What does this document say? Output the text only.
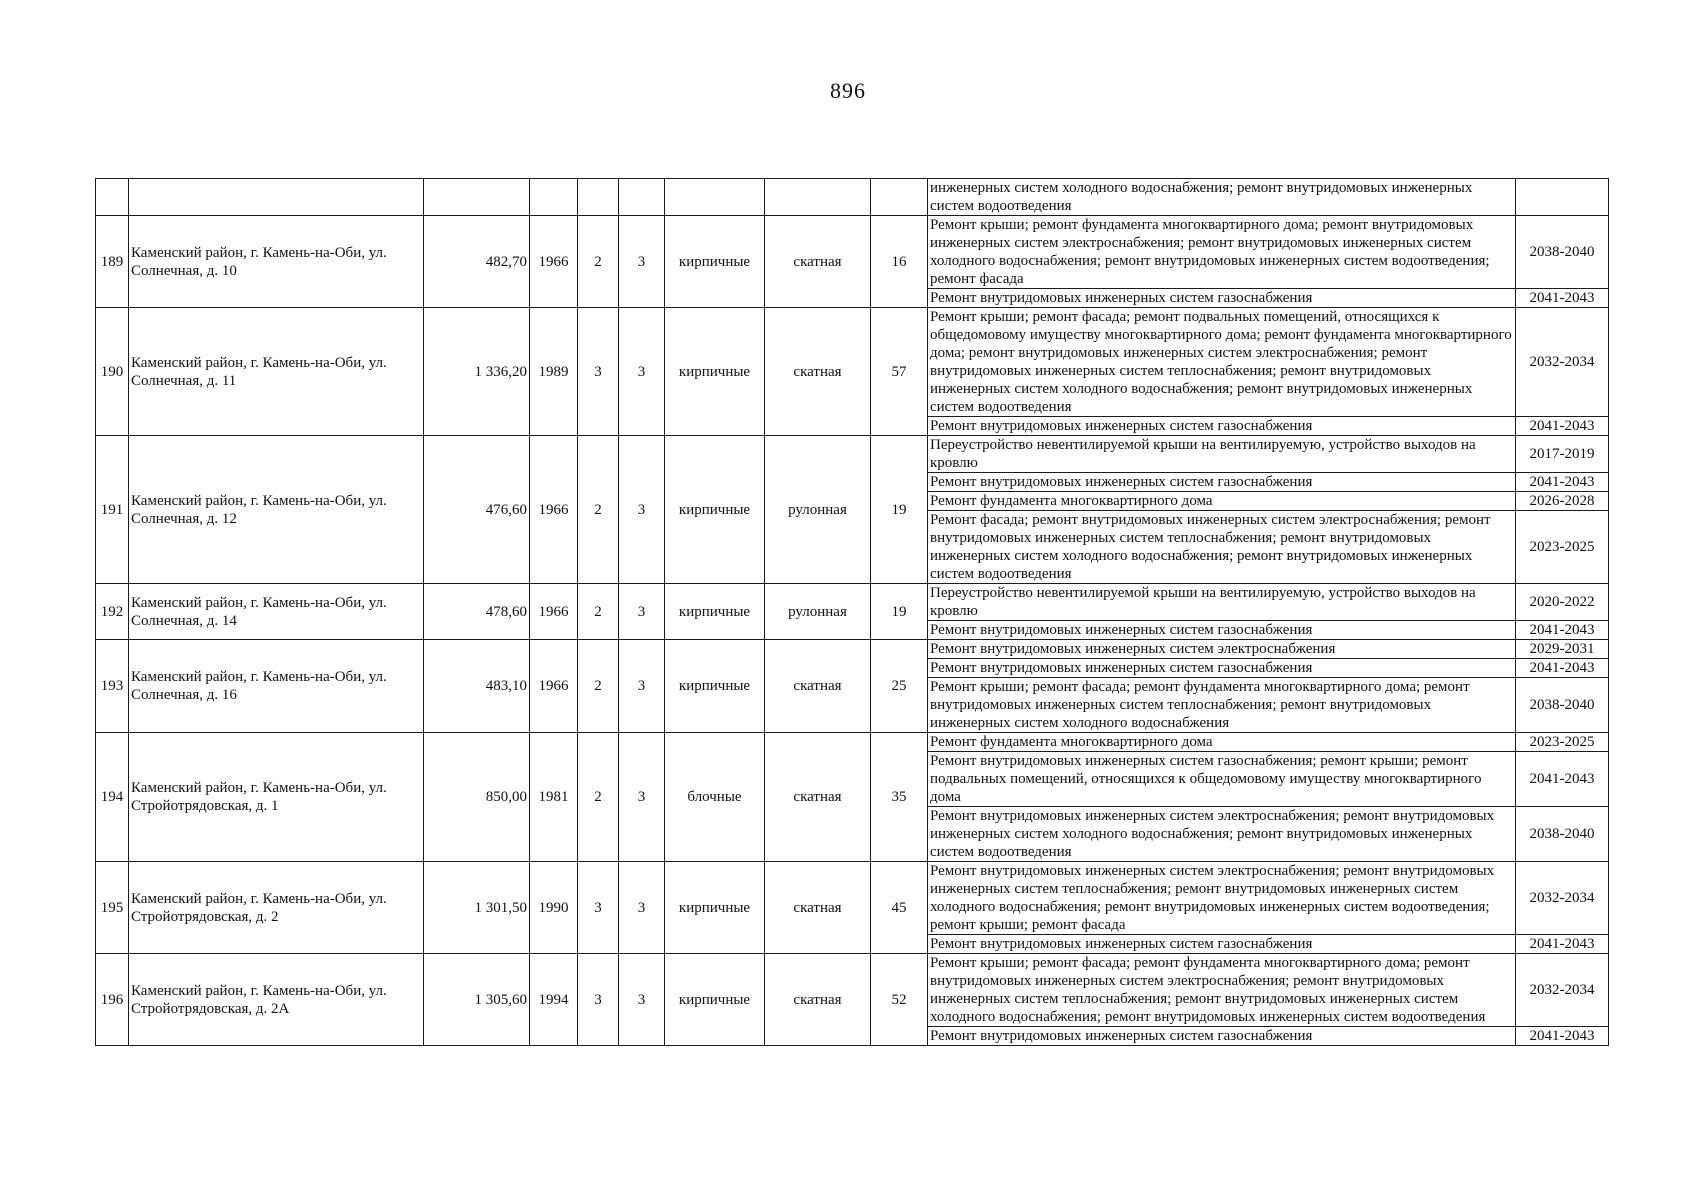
896
									инженерных систем холодного водоснабжения; ремонт внутридомовых инженерных систем водоотведения	
189	Каменский район, г. Камень-на-Оби, ул. Солнечная, д. 10	482,70	1966	2	3	кирпичные	скатная	16	Ремонт крыши; ремонт фундамента многоквартирного дома; ремонт внутридомовых инженерных систем электроснабжения; ремонт внутридомовых инженерных систем холодного водоснабжения; ремонт внутридомовых инженерных систем водоотведения; ремонт фасада	2038-2040
									Ремонт внутридомовых инженерных систем газоснабжения	2041-2043
190	Каменский район, г. Камень-на-Оби, ул. Солнечная, д. 11	1 336,20	1989	3	3	кирпичные	скатная	57	Ремонт крыши; ремонт фасада; ремонт подвальных помещений, относящихся к общедомовому имуществу многоквартирного дома; ремонт фундамента многоквартирного дома; ремонт внутридомовых инженерных систем электроснабжения; ремонт внутридомовых инженерных систем теплоснабжения; ремонт внутридомовых инженерных систем холодного водоснабжения; ремонт внутридомовых инженерных систем водоотведения	2032-2034
									Ремонт внутридомовых инженерных систем газоснабжения	2041-2043
191	Каменский район, г. Камень-на-Оби, ул. Солнечная, д. 12	476,60	1966	2	3	кирпичные	рулонная	19	Переустройство невентилируемой крыши на вентилируемую, устройство выходов на кровлю	2017-2019
									Ремонт внутридомовых инженерных систем газоснабжения	2041-2043
									Ремонт фундамента многоквартирного дома	2026-2028
									Ремонт фасада; ремонт внутридомовых инженерных систем электроснабжения; ремонт внутридомовых инженерных систем теплоснабжения; ремонт внутридомовых инженерных систем холодного водоснабжения; ремонт внутридомовых инженерных систем водоотведения	2023-2025
192	Каменский район, г. Камень-на-Оби, ул. Солнечная, д. 14	478,60	1966	2	3	кирпичные	рулонная	19	Переустройство невентилируемой крыши на вентилируемую, устройство выходов на кровлю	2020-2022
									Ремонт внутридомовых инженерных систем газоснабжения	2041-2043
193	Каменский район, г. Камень-на-Оби, ул. Солнечная, д. 16	483,10	1966	2	3	кирпичные	скатная	25	Ремонт внутридомовых инженерных систем электроснабжения	2029-2031
									Ремонт внутридомовых инженерных систем газоснабжения	2041-2043
									Ремонт крыши; ремонт фасада; ремонт фундамента многоквартирного дома; ремонт внутридомовых инженерных систем теплоснабжения; ремонт внутридомовых инженерных систем холодного водоснабжения	2038-2040
194	Каменский район, г. Камень-на-Оби, ул. Стройотрядовская, д. 1	850,00	1981	2	3	блочные	скатная	35	Ремонт фундамента многоквартирного дома	2023-2025
									Ремонт внутридомовых инженерных систем газоснабжения; ремонт крыши; ремонт подвальных помещений, относящихся к общедомовому имуществу многоквартирного дома	2041-2043
									Ремонт внутридомовых инженерных систем электроснабжения; ремонт внутридомовых инженерных систем холодного водоснабжения; ремонт внутридомовых инженерных систем водоотведения	2038-2040
195	Каменский район, г. Камень-на-Оби, ул. Стройотрядовская, д. 2	1 301,50	1990	3	3	кирпичные	скатная	45	Ремонт внутридомовых инженерных систем электроснабжения; ремонт внутридомовых инженерных систем теплоснабжения; ремонт внутридомовых инженерных систем холодного водоснабжения; ремонт внутридомовых инженерных систем водоотведения; ремонт крыши; ремонт фасада	2032-2034
									Ремонт внутридомовых инженерных систем газоснабжения	2041-2043
196	Каменский район, г. Камень-на-Оби, ул. Стройотрядовская, д. 2А	1 305,60	1994	3	3	кирпичные	скатная	52	Ремонт крыши; ремонт фасада; ремонт фундамента многоквартирного дома; ремонт внутридомовых инженерных систем электроснабжения; ремонт внутридомовых инженерных систем теплоснабжения; ремонт внутридомовых инженерных систем холодного водоснабжения; ремонт внутридомовых инженерных систем водоотведения	2032-2034
									Ремонт внутридомовых инженерных систем газоснабжения	2041-2043
